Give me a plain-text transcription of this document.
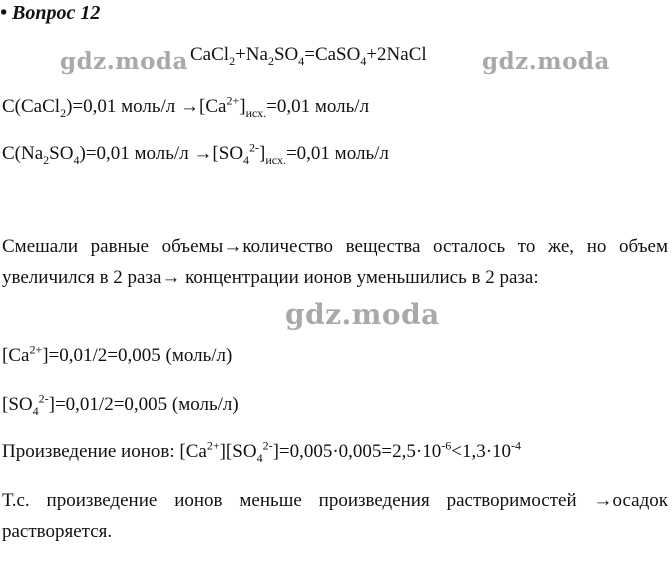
• Вопрос 12
gdz.moda $CaCl_2+Na_2SO_4=CaSO_4+2NaCl$ gdz.moda
C(CaCl$_2$)=0,01 моль/л $\to[Ca^{2+}]_{исх.}=0,01$ моль/л
$C(Na_2SO_4)=0,01$ моль/л $\to[SO_4^{2-}]_{исх.}=0,01$ моль/л
Смешали равные объемы→количество вещества осталось то же, но объем увеличился в 2 раза→ концентрации ионов уменьшились в 2 раза:
gdz.moda
$[Ca^{2+}]=0,01/2=0,005$ (моль/л)
$[SO_4^{2-}]=0,01/2=0,005$ (моль/л)
Произведение ионов: $[Ca^{2+}][SO_4^{2-}]=0,005\cdot 0,005=2,5\cdot 10^{-6}<1,3\cdot 10^{-4}$
Т.с. произведение ионов меньше произведения растворимостей →осадок растворяется.
